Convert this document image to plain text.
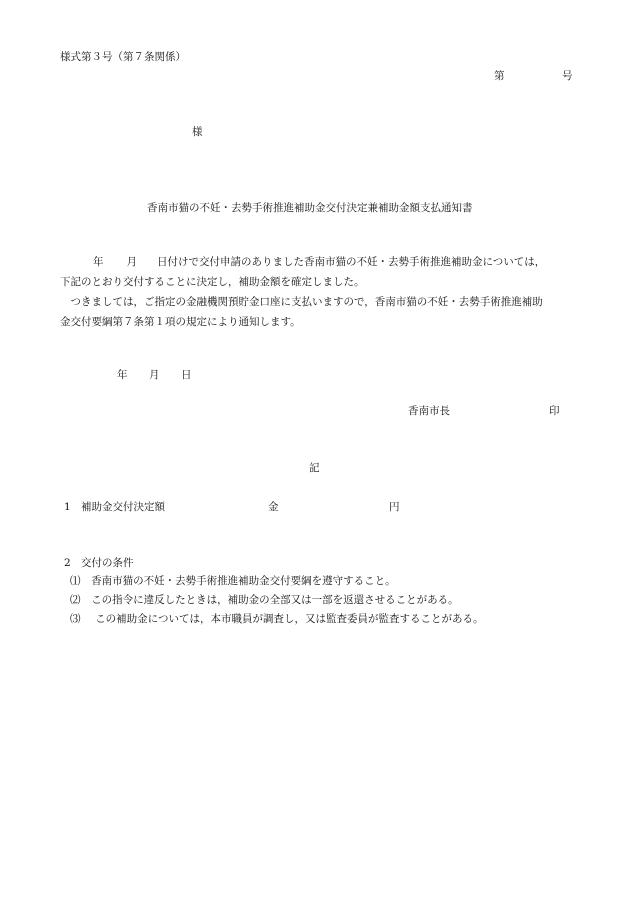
様式第３号（第７条関係）
第	号
様
香南市猫の不妊・去勢手術推進補助金交付決定兼補助金額支払通知書
年 月 日付けで交付申請のありました香南市猫の不妊・去勢手術推進補助金については，
下記のとおり交付することに決定し，補助金額を確定しました。
　つきましては，ご指定の金融機関預貯金口座に支払いますので，香南市猫の不妊・去勢手術推進補助
金交付要綱第７条第１項の規定により通知します。
年 月 日
香南市長	印
記
1 補助金交付決定額	金	円
2 交付の条件
⑴ 香南市猫の不妊・去勢手術推進補助金交付要綱を遵守すること。
⑵ この指令に違反したときは，補助金の全部又は一部を返還させることがある。
⑶ この補助金については，本市職員が調査し，又は監査委員が監査することがある。
